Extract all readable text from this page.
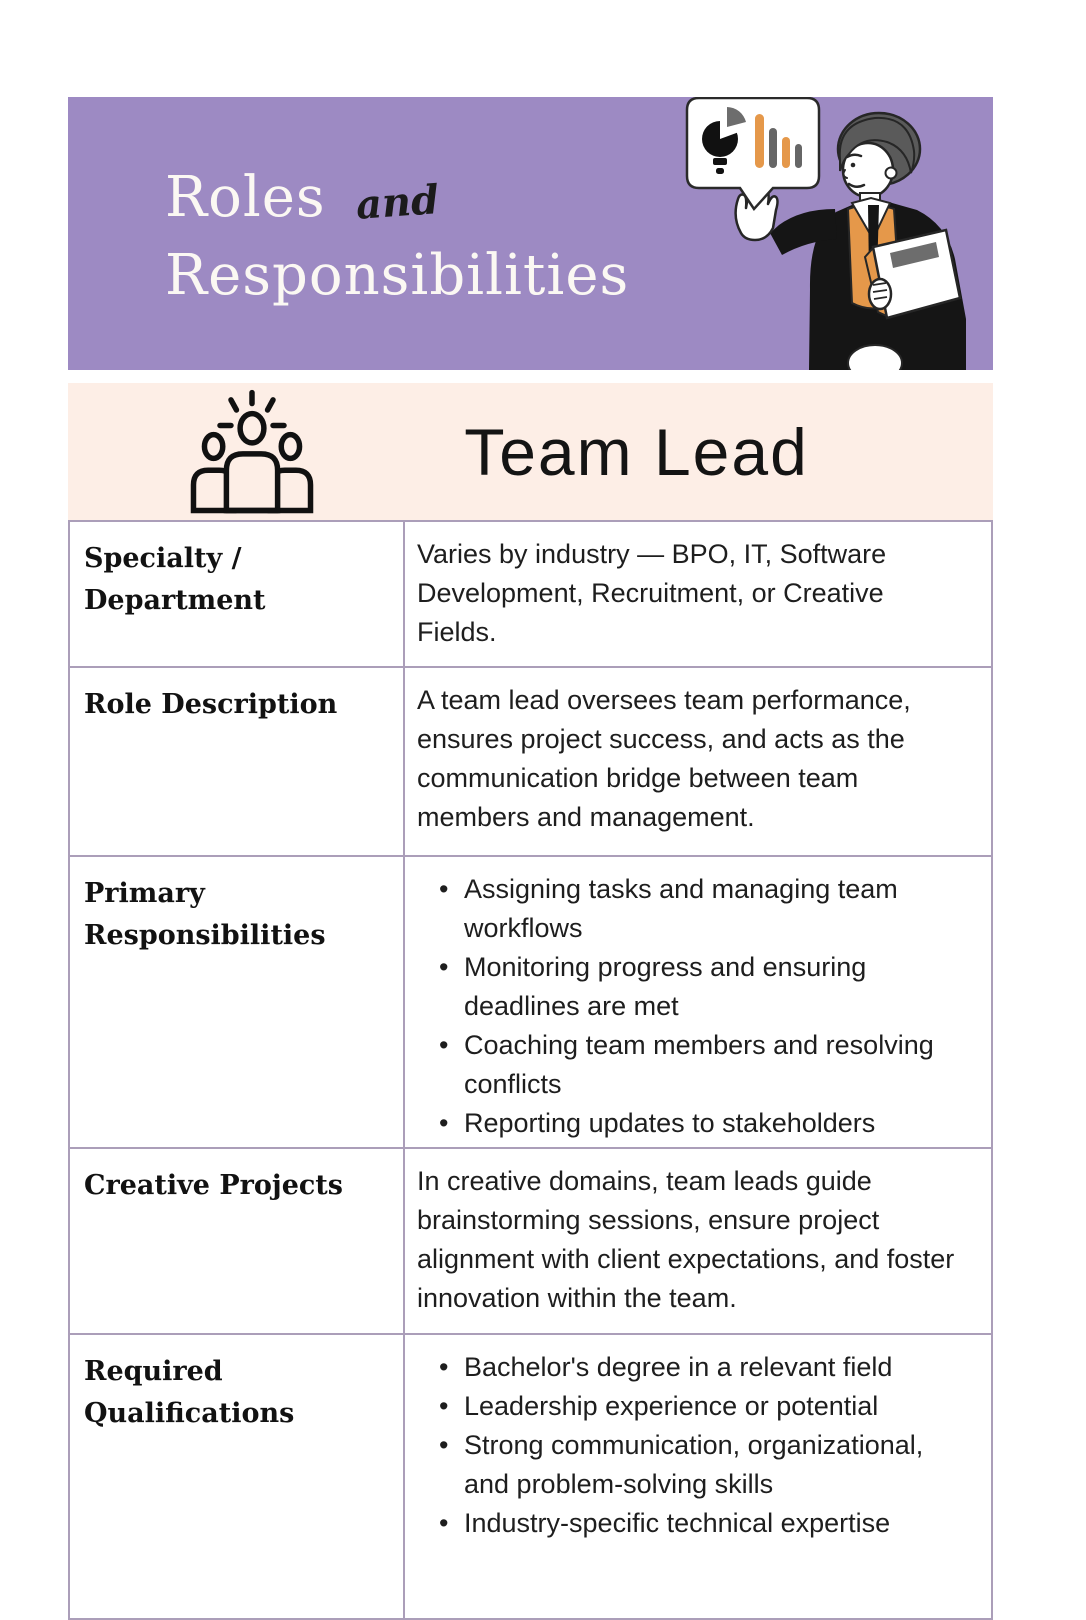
Roles and
Responsibilities
Team Lead
Specialty / Department

Varies by industry — BPO, IT, Software Development, Recruitment, or Creative Fields.

Role Description	A team lead oversees team performance, ensures project success, and acts as the communication bridge between team members and management.

Primary Responsibilities
• Assigning tasks and managing team workflows
• Monitoring progress and ensuring deadlines are met
• Coaching team members and resolving conflicts
• Reporting updates to stakeholders
Creative Projects	In creative domains, team leads guide brainstorming sessions, ensure project alignment with client expectations, and foster innovation within the team.

Required Qualifications
• Bachelor's degree in a relevant field
• Leadership experience or potential
• Strong communication, organizational, and problem-solving skills
• Industry-specific technical expertise
